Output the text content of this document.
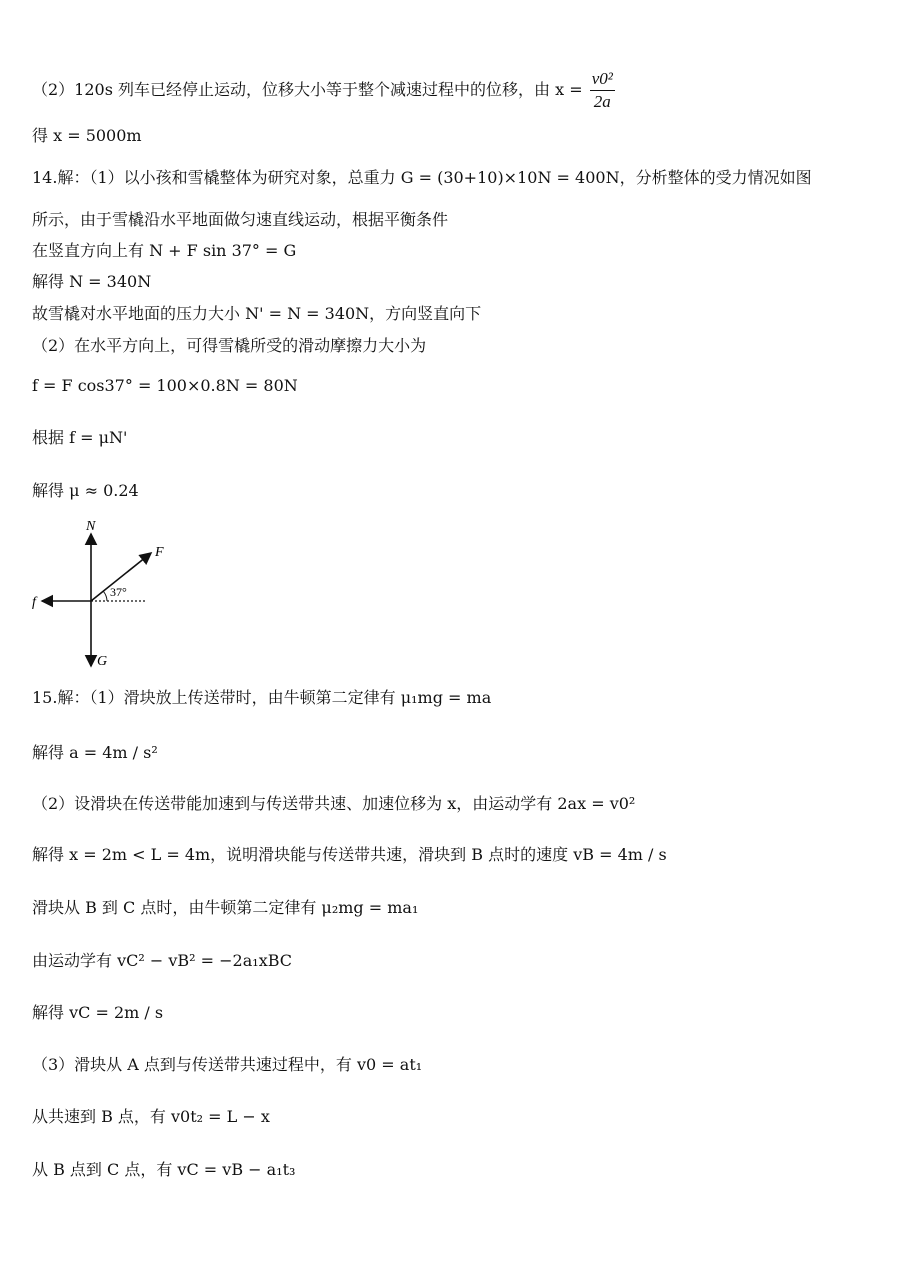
（2）120s 列车已经停止运动，位移大小等于整个减速过程中的位移，由 $x = \frac{\text{v0²}}{2a}$
得 x = 5000m
14.解：（1）以小孩和雪橇整体为研究对象，总重力 G = (30+10)×10N = 400N，分析整体的受力情况如图
所示，由于雪橇沿水平地面做匀速直线运动，根据平衡条件
在竖直方向上有 N + F sin 37° = G
解得 N = 340N
故雪橇对水平地面的压力大小 N' = N = 340N，方向竖直向下
（2）在水平方向上，可得雪橇所受的滑动摩擦力大小为
f = F cos37° = 100×0.8N = 80N
根据 f = μN'
解得 μ ≈ 0.24
N
F
f
G
37°
15.解：（1）滑块放上传送带时，由牛顿第二定律有 μ₁mg = ma
解得 a = 4m / s²
（2）设滑块在传送带能加速到与传送带共速、加速位移为 x，由运动学有 2ax = v0²
解得 x = 2m < L = 4m，说明滑块能与传送带共速，滑块到 B 点时的速度 vB = 4m / s
滑块从 B 到 C 点时，由牛顿第二定律有 μ₂mg = ma₁
由运动学有 vC² − vB² = −2a₁xBC
解得 vC = 2m / s
（3）滑块从 A 点到与传送带共速过程中，有 v0 = at₁
从共速到 B 点，有 v0t₂ = L − x
从 B 点到 C 点，有 vC = vB − a₁t₃
